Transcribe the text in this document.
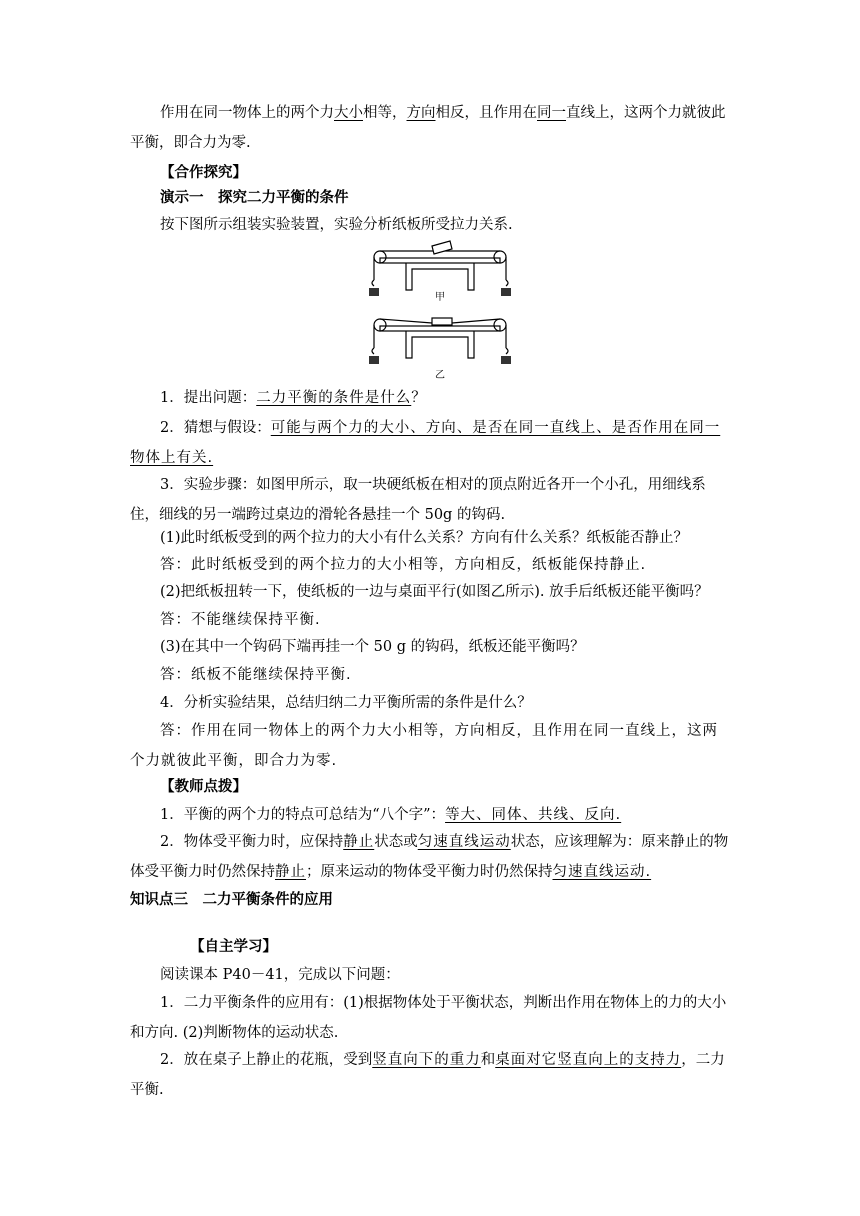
作用在同一物体上的两个力大小相等，方向相反，且作用在同一直线上，这两个力就彼此平衡，即合力为零.

【合作探究】

演示一　探究二力平衡的条件

按下图所示组装实验装置，实验分析纸板所受拉力关系.

甲
乙

1．提出问题：二力平衡的条件是什么？

2．猜想与假设：可能与两个力的大小、方向、是否在同一直线上、是否作用在同一物体上有关.

3．实验步骤：如图甲所示，取一块硬纸板在相对的顶点附近各开一个小孔，用细线系住，细线的另一端跨过桌边的滑轮各悬挂一个 50g 的钩码.

(1)此时纸板受到的两个拉力的大小有什么关系？方向有什么关系？纸板能否静止？

答：此时纸板受到的两个拉力的大小相等，方向相反，纸板能保持静止.

(2)把纸板扭转一下，使纸板的一边与桌面平行(如图乙所示). 放手后纸板还能平衡吗？

答：不能继续保持平衡.

(3)在其中一个钩码下端再挂一个 50 g 的钩码，纸板还能平衡吗？

答：纸板不能继续保持平衡.

4．分析实验结果，总结归纳二力平衡所需的条件是什么？

答：作用在同一物体上的两个力大小相等，方向相反，且作用在同一直线上，这两个力就彼此平衡，即合力为零.

【教师点拨】

1．平衡的两个力的特点可总结为“八个字”：等大、同体、共线、反向.

2．物体受平衡力时，应保持静止状态或匀速直线运动状态，应该理解为：原来静止的物体受平衡力时仍然保持静止；原来运动的物体受平衡力时仍然保持匀速直线运动.

知识点三　二力平衡条件的应用

【自主学习】

阅读课本 P40－41，完成以下问题：

1．二力平衡条件的应用有：(1)根据物体处于平衡状态，判断出作用在物体上的力的大小和方向. (2)判断物体的运动状态.

2．放在桌子上静止的花瓶，受到竖直向下的重力和桌面对它竖直向上的支持力，二力平衡.
